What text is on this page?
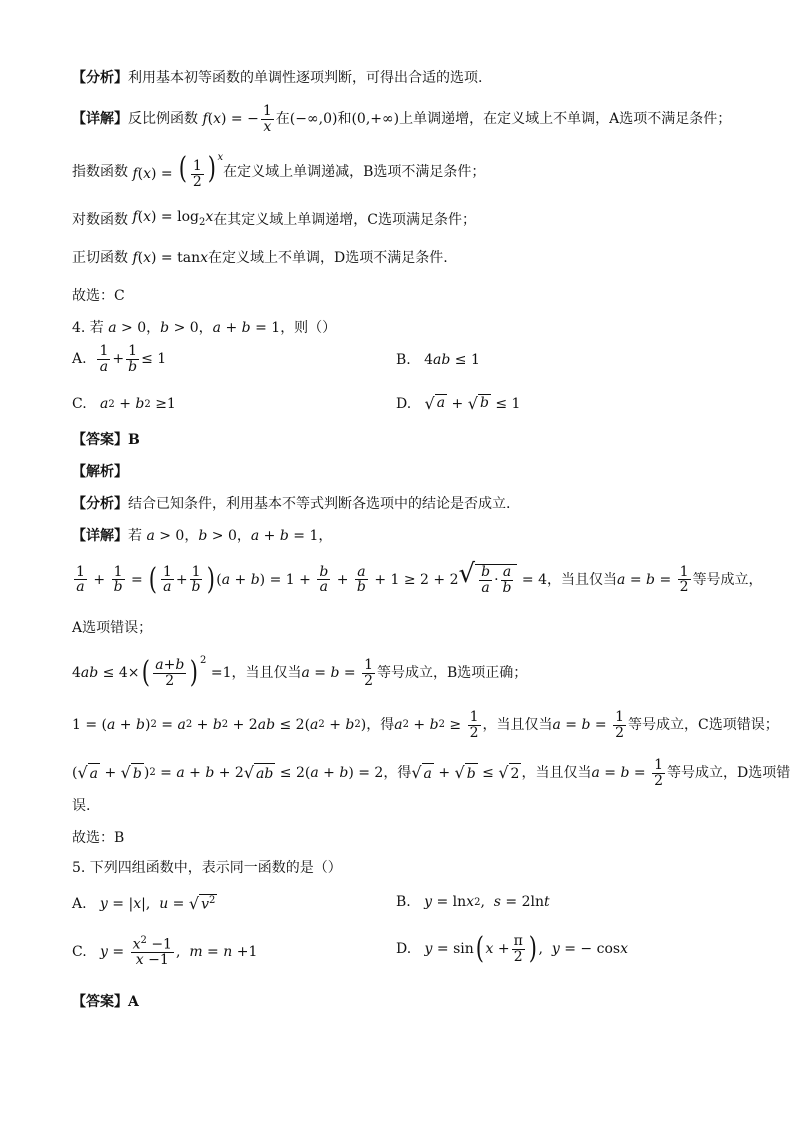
【分析】 利用基本初等函数的单调性逐项判断，可得出合适的选项.
【详解】 反比例函数 f(x) = − $\frac{1}{x}$ 在 (−∞,0) 和 (0,+∞) 上单调递增，在定义域上不单调，A选项不满足条件；
指数函数 f(x) = ( $\frac{1}{2}$ ) $^x$
在定义域上单调递减，B选项不满足条件；
对数函数 $f(x) = \log_2x$ 在其定义域上单调递增，C选项满足条件；
正切函数 f(x) = tanx 在定义域上不单调，D选项不满足条件.
故选：C
4. 若 a > 0 ， b > 0 ， a + b = 1 ，则（）
A.
$\frac{1}{a} + \frac{1}{b} \le 1$	B. 4 ab ≤ 1
C.
a 2 + b 2 ≥1	D.
√ a + √ b ≤ 1
【答案】B
【解析】
【分析】 结合已知条件，利用基本不等式判断各选项中的结论是否成立.
【详解】 若 a > 0 ， b > 0 ， a + b = 1 ，
$\frac{1}{a} + \frac{1}{b}$ = ( $\frac{1}{a} + \frac{1}{b}$ ) ( a + b ) = $1 + \frac{b}{a} + \frac{a}{b} + 1 \ge 2 + 2$ √ $\frac{b}{a} \cdot \frac{a}{b} = 4$ ，当且仅当 $a = b = \frac{1}{2}$ 等号成立，
A选项错误；
4 ab ≤ 4× ( $\frac{a+b}{2}$ ) 2
=1 ，当且仅当 $a = b = \frac{1}{2}$ 等号成立，B选项正确；
1 = ( a + b ) 2 = a 2 + b 2 + 2 ab ≤ 2( a 2 + b 2 ) ，得 a 2 + b $2 \ge \frac{1}{2}$ ，当且仅当 $a = b = \frac{1}{2}$ 等号成立，C选项错误；
( √ a + √ b ) 2 = a + b + 2 √ ab ≤ 2( a + b ) = 2 ，得 √ a + √ b ≤ √ 2 ，当且仅当 $a = b = \frac{1}{2}$ 等号成立，D选项错
误.
故选：B
5. 下列四组函数中，表示同一函数的是（）
A.
y = | x |, u = √ $v^2$	B.
y = ln x 2 , s = 2ln t
C.
$y = \frac{x^2 -1}{x -1}$ , m = n +1	D.
y = sin ( $x + \frac{\pi}{2}$ ) , y = − cos x
【答案】A
